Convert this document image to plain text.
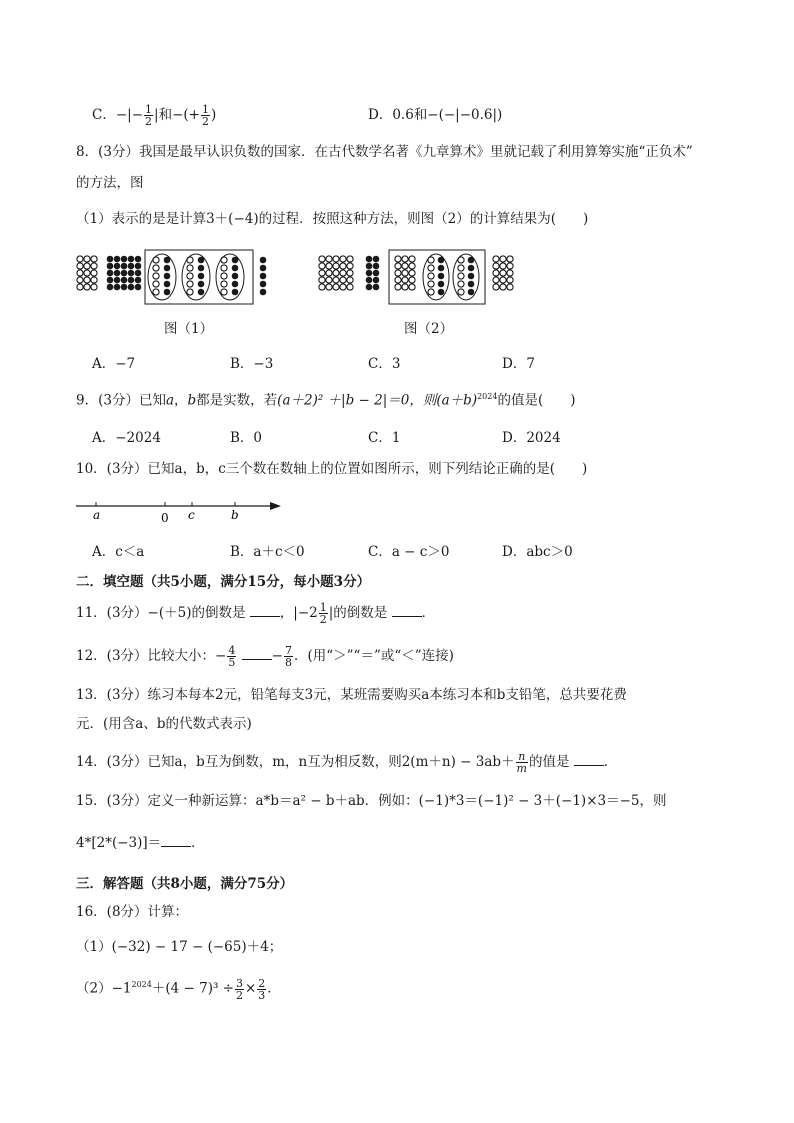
C．−|− $\frac{1}{2}$ |和−(+ $\frac{1}{2}$ )	D．0.6和−(−|−0.6|)
8．(3分）我国是最早认识负数的国家．在古代数学名著《九章算术》里就记载了利用算筹实施“正负术”
的方法，图
（1）表示的是是计算3＋(−4)的过程．按照这种方法，则图（2）的计算结果为(　　)
图（1）	图（2）
A．−7	B．−3	C．3	D．7
9．(3分）已知a，b都是实数，若(a＋2)² ＋|b − 2|＝0，则$(a+b)^{2024}$的值是(　　)
A．−2024	B．0	C．1	D．2024
10．(3分）已知a，b，c三个数在数轴上的位置如图所示，则下列结论正确的是(　　)
a	0 c	b
A．c＜a	B．a＋c＜0	C．a − c＞0	D．abc＞0
二．填空题（共5小题，满分15分，每小题3分）
11．(3分）−(＋5)的倒数是	，$|-2 \frac{1}{2}$ |的倒数是	．
12．(3分）比较大小：− $\frac{4}{5}$	− $\frac{7}{8}$ ．(用“＞”“＝”或“＜”连接)
13．(3分）练习本每本2元，铅笔每支3元，某班需要购买a本练习本和b支铅笔，总共要花费
元．(用含a、b的代数式表示)
14．(3分）已知a，b互为倒数，m，n互为相反数，则$2(m+n) - 3ab+ \frac{n}{m}$ 的值是	．
15．(3分）定义一种新运算：a*b＝a² − b＋ab．例如：(−1)*3＝(−1)² − 3＋(−1)×3＝−5，则
4*[2*(−3)]＝ ．
三．解答题（共8小题，满分75分）
16．(8分）计算：
（1）(−32) − 17 − (−65)＋4；
$(2)-1^{2024}+(4 - 7)^3 \div \frac{3}{2} \times \frac{2}{3}$ ．
